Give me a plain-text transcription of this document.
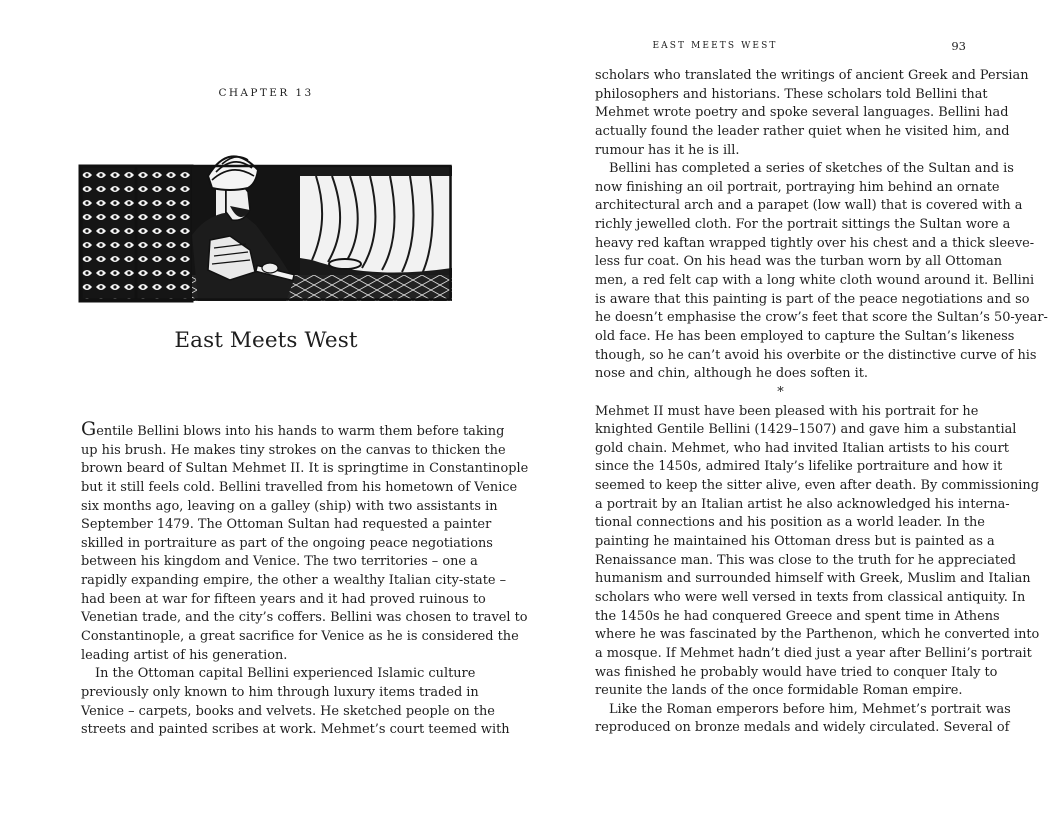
CHAPTER 13
East Meets West
Gentile Bellini blows into his hands to warm them before taking
up his brush. He makes tiny strokes on the canvas to thicken the
brown beard of Sultan Mehmet II. It is springtime in Constantinople
but it still feels cold. Bellini travelled from his hometown of Venice
six months ago, leaving on a galley (ship) with two assistants in
September 1479. The Ottoman Sultan had requested a painter
skilled in portraiture as part of the ongoing peace negotiations
between his kingdom and Venice. The two territories – one a
rapidly expanding empire, the other a wealthy Italian city-state –
had been at war for fifteen years and it had proved ruinous to
Venetian trade, and the city’s coffers. Bellini was chosen to travel to
Constantinople, a great sacrifice for Venice as he is considered the
leading artist of his generation.
In the Ottoman capital Bellini experienced Islamic culture
previously only known to him through luxury items traded in
Venice – carpets, books and velvets. He sketched people on the
streets and painted scribes at work. Mehmet’s court teemed with
EAST MEETS WEST	93
scholars who translated the writings of ancient Greek and Persian
philosophers and historians. These scholars told Bellini that
Mehmet wrote poetry and spoke several languages. Bellini had
actually found the leader rather quiet when he visited him, and
rumour has it he is ill.
Bellini has completed a series of sketches of the Sultan and is
now finishing an oil portrait, portraying him behind an ornate
architectural arch and a parapet (low wall) that is covered with a
richly jewelled cloth. For the portrait sittings the Sultan wore a
heavy red kaftan wrapped tightly over his chest and a thick sleeve-
less fur coat. On his head was the turban worn by all Ottoman
men, a red felt cap with a long white cloth wound around it. Bellini
is aware that this painting is part of the peace negotiations and so
he doesn’t emphasise the crow’s feet that score the Sultan’s 50-year-
old face. He has been employed to capture the Sultan’s likeness
though, so he can’t avoid his overbite or the distinctive curve of his
nose and chin, although he does soften it.
*
Mehmet II must have been pleased with his portrait for he
knighted Gentile Bellini (1429–1507) and gave him a substantial
gold chain. Mehmet, who had invited Italian artists to his court
since the 1450s, admired Italy’s lifelike portraiture and how it
seemed to keep the sitter alive, even after death. By commissioning
a portrait by an Italian artist he also acknowledged his interna-
tional connections and his position as a world leader. In the
painting he maintained his Ottoman dress but is painted as a
Renaissance man. This was close to the truth for he appreciated
humanism and surrounded himself with Greek, Muslim and Italian
scholars who were well versed in texts from classical antiquity. In
the 1450s he had conquered Greece and spent time in Athens
where he was fascinated by the Parthenon, which he converted into
a mosque. If Mehmet hadn’t died just a year after Bellini’s portrait
was finished he probably would have tried to conquer Italy to
reunite the lands of the once formidable Roman empire.
Like the Roman emperors before him, Mehmet’s portrait was
reproduced on bronze medals and widely circulated. Several of
